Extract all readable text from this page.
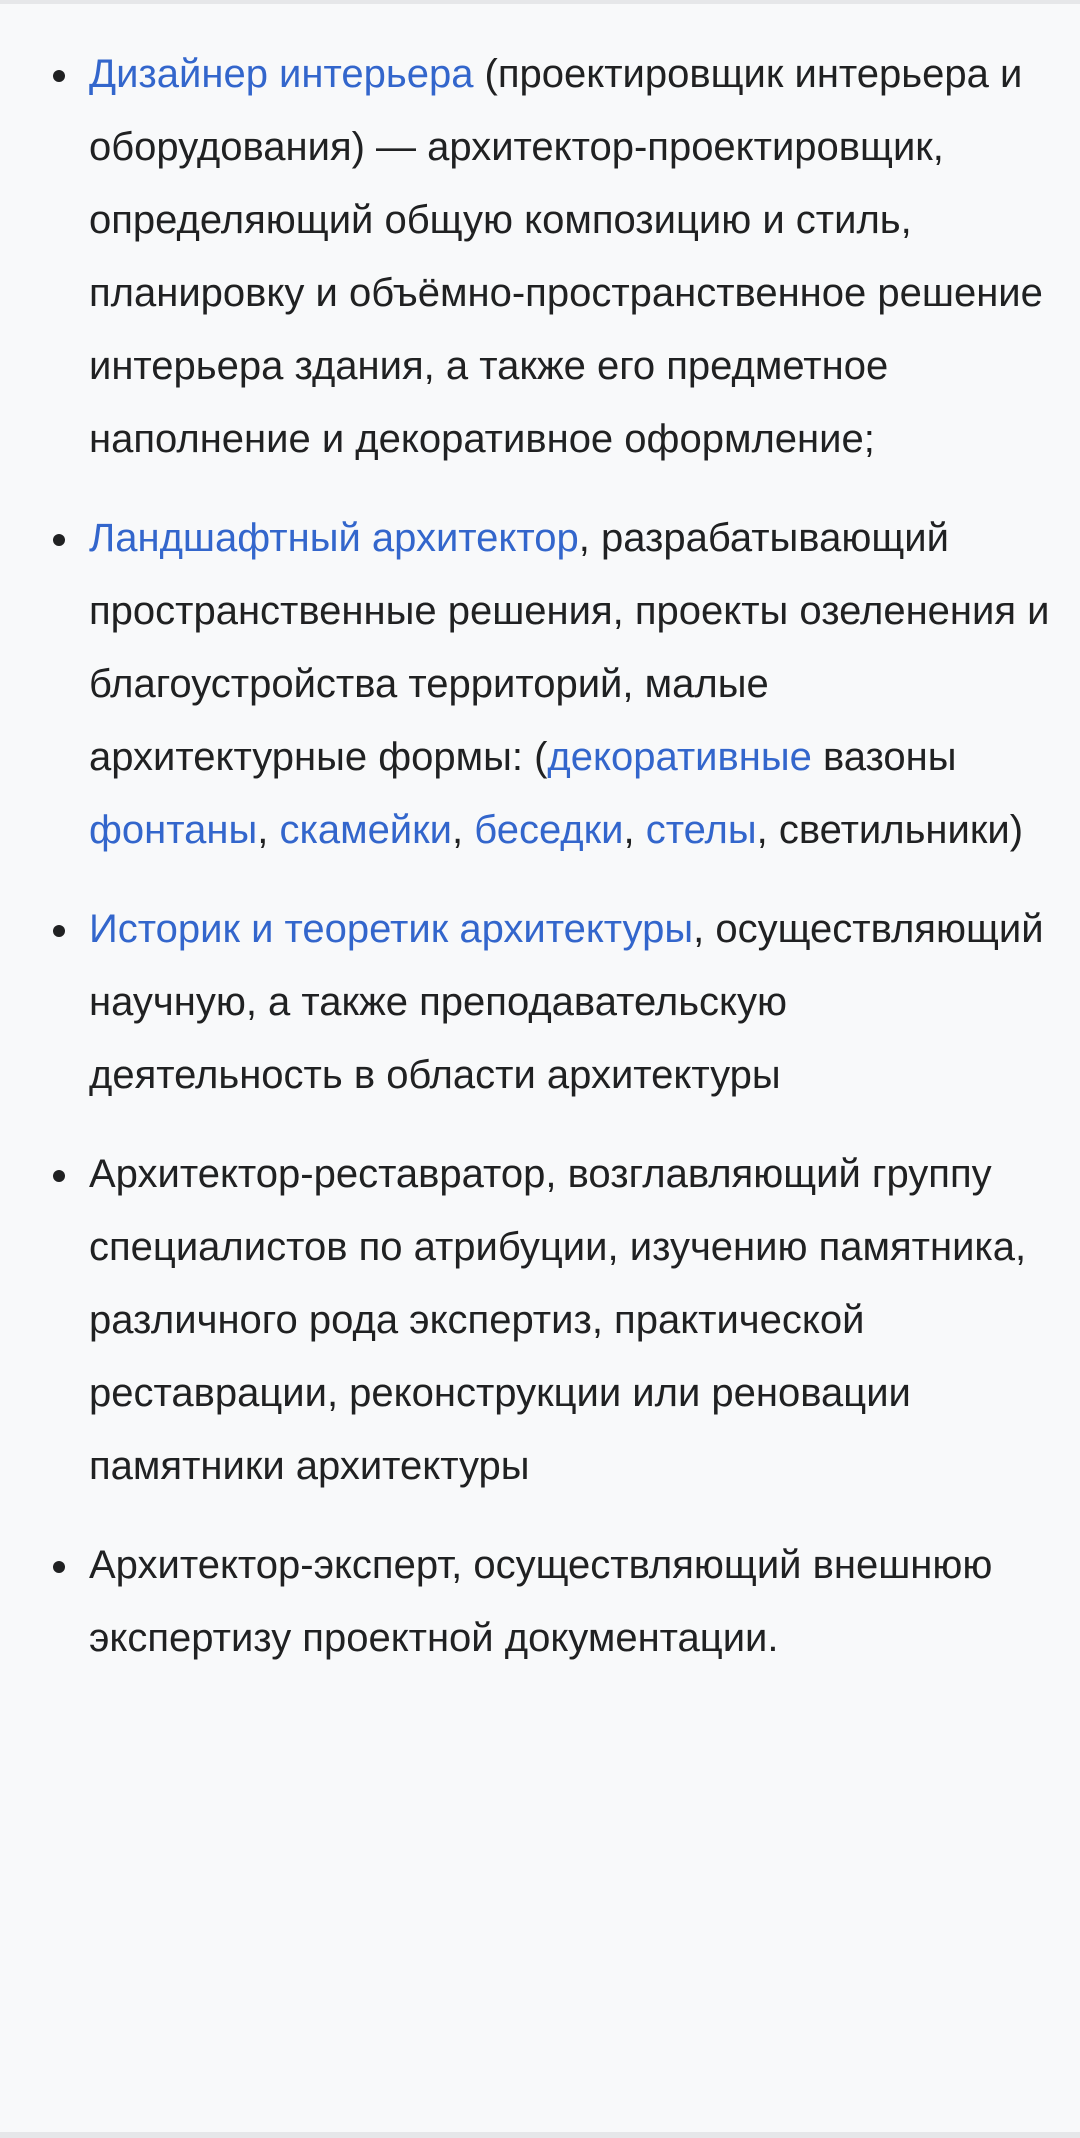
Дизайнер интерьера (проектировщик интерьера и оборудования) — архитектор-проектировщик, определяющий общую композицию и стиль, планировку и объёмно-пространственное решение интерьера здания, а также его предметное наполнение и декоративное оформление;
Ландшафтный архитектор, разрабатывающий пространственные решения, проекты озеленения и благоустройства территорий, малые архитектурные формы: (декоративные вазоны фонтаны, скамейки, беседки, стелы, светильники)
Историк и теоретик архитектуры, осуществляющий научную, а также преподавательскую деятельность в области архитектуры
Архитектор-реставратор, возглавляющий группу специалистов по атрибуции, изучению памятника, различного рода экспертиз, практической реставрации, реконструкции или реновации памятники архитектуры
Архитектор-эксперт, осуществляющий внешнюю экспертизу проектной документации.
